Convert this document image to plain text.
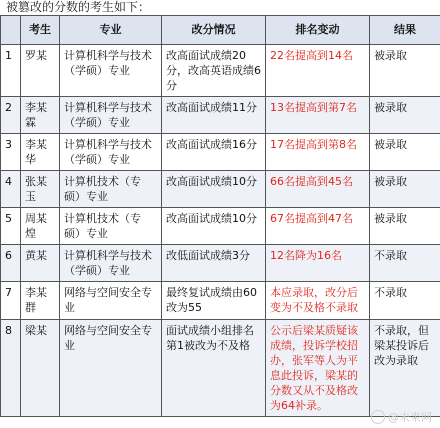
被篡改的分数的考生如下：
	考生	专业	改分情况	排名变动	结果
1	罗某	计算机科学与技术（学硕）专业	改高面试成绩20分，改高英语成绩6分	22名提高到14名	被录取
2	李某霖	计算机科学与技术（学硕）专业	改高面试成绩11分	13名提高到第7名	被录取
3	李某华	计算机科学与技术（学硕）专业	改高面试成绩16分	17名提高到第8名	被录取
4	张某玉	计算机技术（专硕）专业	改高面试成绩10分	66名提高到45名	被录取
5	周某煌	计算机技术（专硕）专业	改高面试成绩10分	67名提高到47名	被录取
6	黄某	计算机科学与技术（学硕）专业	改低面试成绩3分	12名降为16名	不录取
7	李某群	网络与空间安全专业	最终复试成绩由60改为55	本应录取，改分后变为不及格不录取	不录取
8	梁某	网络与空间安全专业	面试成绩小组排名第1被改为不及格	公示后梁某质疑该成绩，投诉学校招办，张军等人为平息此投诉，梁某的分数又从不及格改为64补录。	不录取，但梁某投诉后改为录取
@未来网
